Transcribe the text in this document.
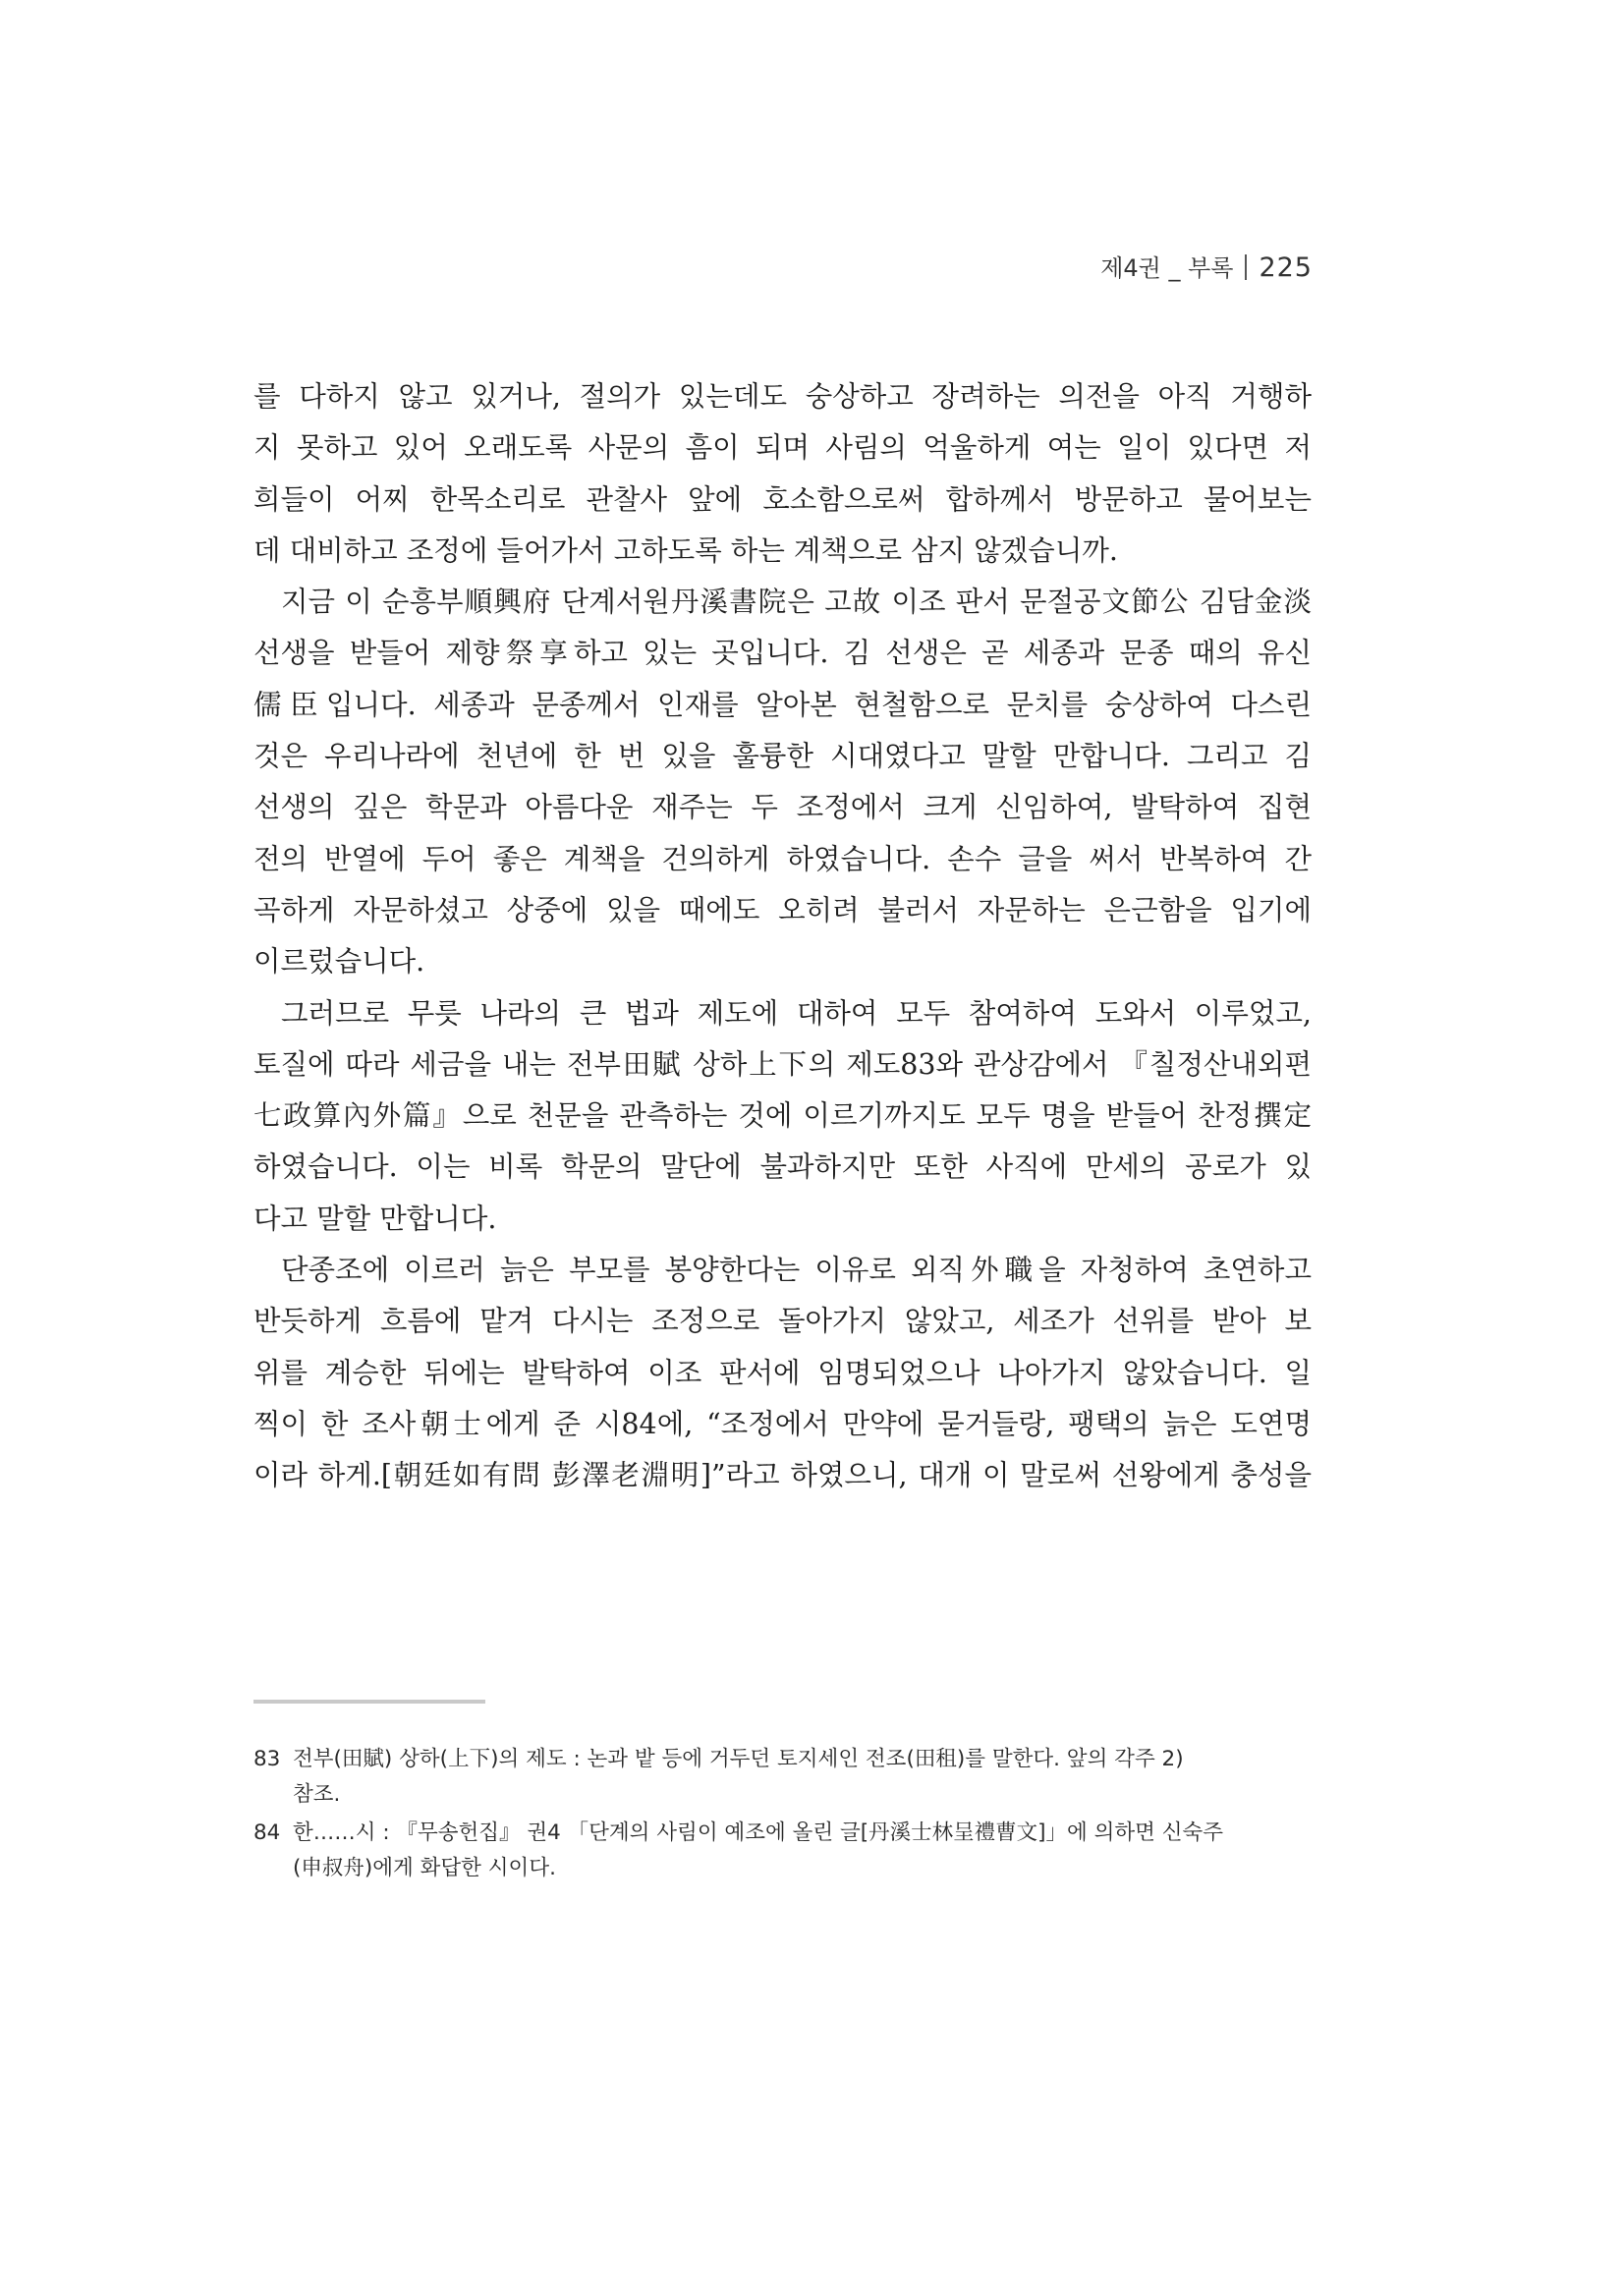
제4권 _ 부록 225

를 다하지 않고 있거나, 절의가 있는데도 숭상하고 장려하는 의전을 아직 거행하
지 못하고 있어 오래도록 사문의 흠이 되며 사림의 억울하게 여는 일이 있다면 저
희들이 어찌 한목소리로 관찰사 앞에 호소함으로써 합하께서 방문하고 물어보는
데 대비하고 조정에 들어가서 고하도록 하는 계책으로 삼지 않겠습니까.

지금 이 순흥부順興府 단계서원丹溪書院은 고故 이조 판서 문절공文節公 김담金淡
선생을 받들어 제향祭享하고 있는 곳입니다. 김 선생은 곧 세종과 문종 때의 유신
儒臣입니다. 세종과 문종께서 인재를 알아본 현철함으로 문치를 숭상하여 다스린
것은 우리나라에 천년에 한 번 있을 훌륭한 시대였다고 말할 만합니다. 그리고 김
선생의 깊은 학문과 아름다운 재주는 두 조정에서 크게 신임하여, 발탁하여 집현
전의 반열에 두어 좋은 계책을 건의하게 하였습니다. 손수 글을 써서 반복하여 간
곡하게 자문하셨고 상중에 있을 때에도 오히려 불러서 자문하는 은근함을 입기에
이르렀습니다.

그러므로 무릇 나라의 큰 법과 제도에 대하여 모두 참여하여 도와서 이루었고,
토질에 따라 세금을 내는 전부田賦 상하上下의 제도83와 관상감에서 『칠정산내외편
七政算內外篇』으로 천문을 관측하는 것에 이르기까지도 모두 명을 받들어 찬정撰定
하였습니다. 이는 비록 학문의 말단에 불과하지만 또한 사직에 만세의 공로가 있
다고 말할 만합니다.

단종조에 이르러 늙은 부모를 봉양한다는 이유로 외직外職을 자청하여 초연하고
반듯하게 흐름에 맡겨 다시는 조정으로 돌아가지 않았고, 세조가 선위를 받아 보
위를 계승한 뒤에는 발탁하여 이조 판서에 임명되었으나 나아가지 않았습니다. 일
찍이 한 조사朝士에게 준 시84에, “조정에서 만약에 묻거들랑, 팽택의 늙은 도연명
이라 하게.[朝廷如有問 彭澤老淵明]”라고 하였으니, 대개 이 말로써 선왕에게 충성을

83 전부(田賦) 상하(上下)의 제도 : 논과 밭 등에 거두던 토지세인 전조(田租)를 말한다. 앞의 각주 2)
참조.
84 한……시 : 『무송헌집』 권4 「단계의 사림이 예조에 올린 글[丹溪士林呈禮曹文]」에 의하면 신숙주
(申叔舟)에게 화답한 시이다.
